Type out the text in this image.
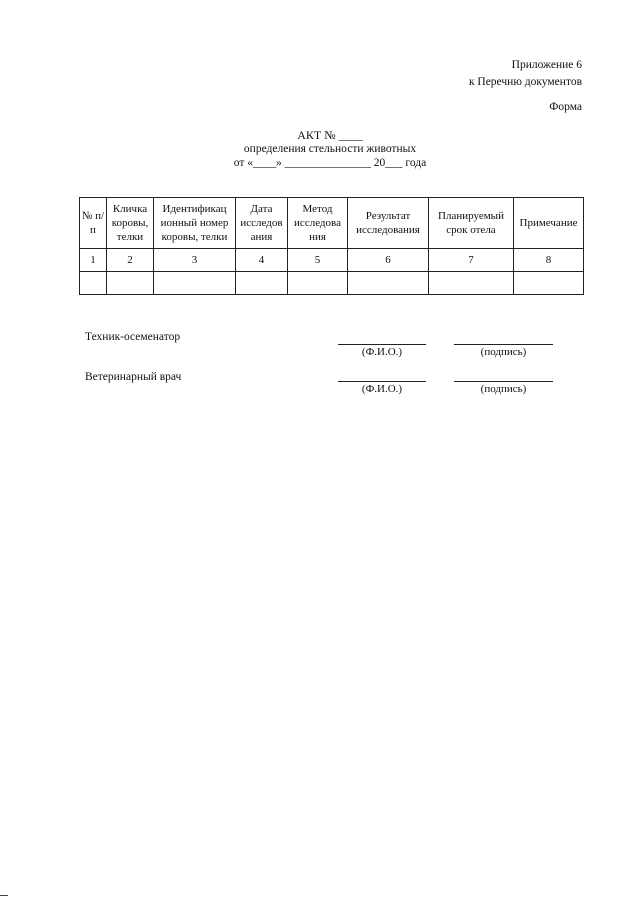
Приложение 6
к Перечню документов
Форма
АКТ № ____
определения стельности животных
от «____» _______________ 20___ года
№ п/п	Кличка коровы, телки	Идентификац ионный номер коровы, телки	Дата исследов ания	Метод исследова ния	Результат исследования	Планируемый срок отела	Примечание
1	2	3	4	5	6	7	8

Техник-осеменатор
(Ф.И.О.)	(подпись)
Ветеринарный врач
(Ф.И.О.)	(подпись)
